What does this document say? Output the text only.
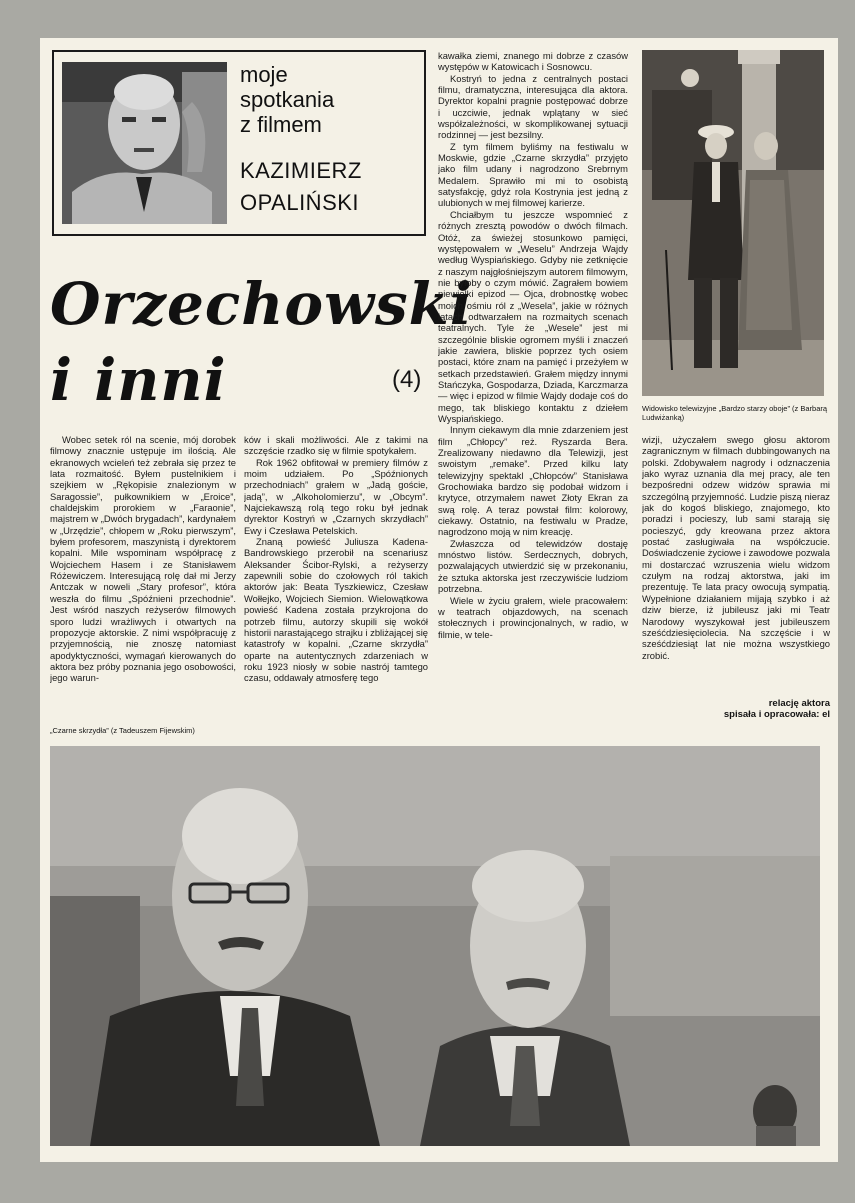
moje
spotkania
z filmem
KAZIMIERZ
OPALIŃSKI
Orzechowski
i inni	(4)

Wobec setek ról na scenie, mój dorobek filmowy znacznie ustępuje im ilością. Ale ekranowych wcieleń też zebrała się przez te lata rozmaitość. Byłem pustelnikiem i szejkiem w „Rękopisie znalezionym w Saragossie”, pułkownikiem w „Eroice”, chaldejskim prorokiem w „Faraonie”, majstrem w „Dwóch brygadach”, kardynałem w „Urzędzie”, chłopem w „Roku pierwszym”, byłem profesorem, maszynistą i dyrektorem kopalni. Mile wspominam współpracę z Wojciechem Hasem i ze Stanisławem Różewiczem. Interesującą rolę dał mi Jerzy Antczak w noweli „Stary profesor”, która weszła do filmu „Spóźnieni przechodnie”. Jest wśród naszych reżyserów filmowych sporo ludzi wrażliwych i otwartych na propozycje aktorskie. Z nimi współpracuję z przyjemnością, nie znoszę natomiast apodyktyczności, wymagań kierowanych do aktora bez próby poznania jego osobowości, jego warun-

ków i skali możliwości. Ale z takimi na szczęście rzadko się w filmie spotykałem.

Rok 1962 obfitował w premiery filmów z moim udziałem. Po „Spóźnionych przechodniach” grałem w „Jadą goście, jadą”, w „Alkoholomierzu”, w „Obcym”. Najciekawszą rolą tego roku był jednak dyrektor Kostryń w „Czarnych skrzydłach” Ewy i Czesława Petelskich.

Znaną powieść Juliusza Kadena-Bandrowskiego przerobił na scenariusz Aleksander Ścibor-Rylski, a reżyserzy zapewnili sobie do czołowych ról takich aktorów jak: Beata Tyszkiewicz, Czesław Wołłejko, Wojciech Siemion. Wielowątkowa powieść Kadena została przykrojona do potrzeb filmu, autorzy skupili się wokół historii narastającego strajku i zbliżającej się katastrofy w kopalni. „Czarne skrzydła” oparte na autentycznych zdarzeniach w roku 1923 niosły w sobie nastrój tamtego czasu, oddawały atmosferę tego

kawałka ziemi, znanego mi dobrze z czasów występów w Katowicach i Sosnowcu.

Kostryń to jedna z centralnych postaci filmu, dramatyczna, interesująca dla aktora. Dyrektor kopalni pragnie postępować dobrze i uczciwie, jednak wplątany w sieć współzależności, w skomplikowanej sytuacji rodzinnej — jest bezsilny.

Z tym filmem byliśmy na festiwalu w Moskwie, gdzie „Czarne skrzydła” przyjęto jako film udany i nagrodzono Srebrnym Medalem. Sprawiło mi mi to osobistą satysfakcję, gdyż rola Kostrynia jest jedną z ulubionych w mej filmowej karierze.

Chciałbym tu jeszcze wspomnieć z różnych zresztą powodów o dwóch filmach. Otóż, za świeżej stosunkowo pamięci, występowałem w „Weselu” Andrzeja Wajdy według Wyspiańskiego. Gdyby nie zetknięcie z naszym najgłośniejszym autorem filmowym, nie byłoby o czym mówić. Zagrałem bowiem niewielki epizod — Ojca, drobnostkę wobec moich ośmiu ról z „Wesela”, jakie w różnych latach odtwarzałem na rozmaitych scenach teatralnych. Tyle że „Wesele” jest mi szczególnie bliskie ogromem myśli i znaczeń jakie zawiera, bliskie poprzez tych osiem postaci, które znam na pamięć i przeżyłem w setkach przedstawień. Grałem między innymi Stańczyka, Gospodarza, Dziada, Karczmarza — więc i epizod w filmie Wajdy dodaje coś do mego, tak bliskiego kontaktu z dziełem Wyspiańskiego.

Innym ciekawym dla mnie zdarzeniem jest film „Chłopcy” reż. Ryszarda Bera. Zrealizowany niedawno dla Telewizji, jest swoistym „remake”. Przed kilku laty telewizyjny spektakl „Chłopców” Stanisława Grochowiaka bardzo się podobał widzom i krytyce, otrzymałem nawet Złoty Ekran za swą rolę. A teraz powstał film: kolorowy, ciekawy. Ostatnio, na festiwalu w Pradze, nagrodzono moją w nim kreację.

Zwłaszcza od telewidzów dostaję mnóstwo listów. Serdecznych, dobrych, pozwalających utwierdzić się w przekonaniu, że sztuka aktorska jest rzeczywiście ludziom potrzebna.

Wiele w życiu grałem, wiele pracowałem: w teatrach objazdowych, na scenach stołecznych i prowincjonalnych, w radio, w filmie, w tele-

Widowisko telewizyjne „Bardzo starzy oboje” (z Barbarą Ludwiżanką)

wizji, użyczałem swego głosu aktorom zagranicznym w filmach dubbingowanych na polski. Zdobywałem nagrody i odznaczenia jako wyraz uznania dla mej pracy, ale ten bezpośredni odzew widzów sprawia mi szczególną przyjemność. Ludzie piszą nieraz jak do kogoś bliskiego, znajomego, kto poradzi i pocieszy, lub sami starają się pocieszyć, gdy kreowana przez aktora postać zasługiwała na współczucie. Doświadczenie życiowe i zawodowe pozwala mi dostarczać wzruszenia wielu widzom czułym na rodzaj aktorstwa, jaki im prezentuję. Te lata pracy owocują sympatią. Wypełnione działaniem mijają szybko i aż dziw bierze, iż jubileusz jaki mi Teatr Narodowy wyszykował jest jubileuszem sześćdziesięciolecia. Na szczęście i w sześćdziesiąt lat nie można wszystkiego zrobić.

relację aktora
spisała i opracowała: el
„Czarne skrzydła” (z Tadeuszem Fijewskim)
